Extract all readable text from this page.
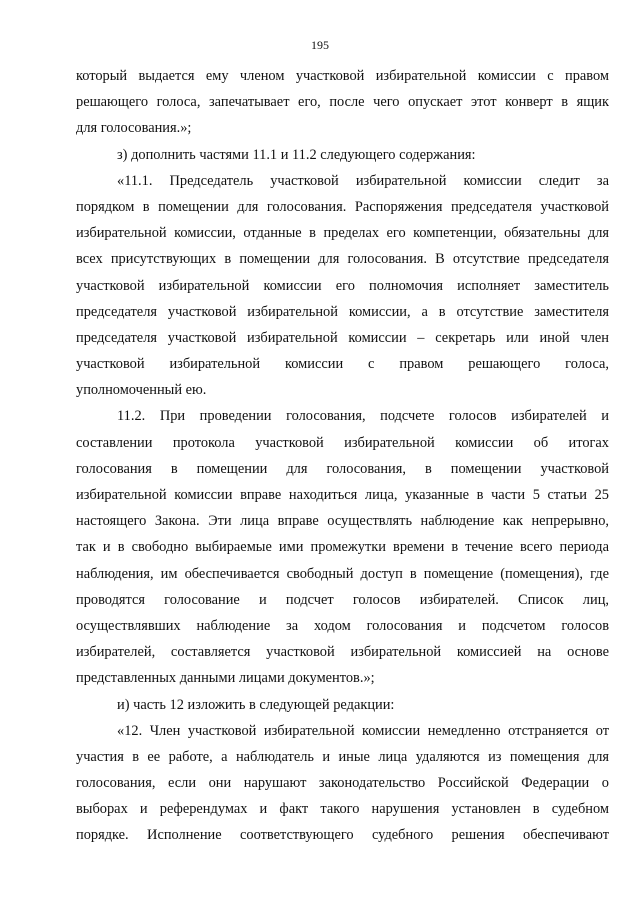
195
который выдается ему членом участковой избирательной комиссии с правом
решающего голоса, запечатывает его, после чего опускает этот конверт в ящик
для голосования.»;
з) дополнить частями 11.1 и 11.2 следующего содержания:
«11.1. Председатель участковой избирательной комиссии следит за
порядком в помещении для голосования. Распоряжения председателя участковой
избирательной комиссии, отданные в пределах его компетенции, обязательны для
всех присутствующих в помещении для голосования. В отсутствие председателя
участковой избирательной комиссии его полномочия исполняет заместитель
председателя участковой избирательной комиссии, а в отсутствие заместителя
председателя участковой избирательной комиссии – секретарь или иной член
участковой избирательной комиссии с правом решающего голоса,
уполномоченный ею.
11.2. При проведении голосования, подсчете голосов избирателей и
составлении протокола участковой избирательной комиссии об итогах
голосования в помещении для голосования, в помещении участковой
избирательной комиссии вправе находиться лица, указанные в части 5 статьи 25
настоящего Закона. Эти лица вправе осуществлять наблюдение как непрерывно,
так и в свободно выбираемые ими промежутки времени в течение всего периода
наблюдения, им обеспечивается свободный доступ в помещение (помещения), где
проводятся голосование и подсчет голосов избирателей. Список лиц,
осуществлявших наблюдение за ходом голосования и подсчетом голосов
избирателей, составляется участковой избирательной комиссией на основе
представленных данными лицами документов.»;
и) часть 12 изложить в следующей редакции:
«12. Член участковой избирательной комиссии немедленно отстраняется от
участия в ее работе, а наблюдатель и иные лица удаляются из помещения для
голосования, если они нарушают законодательство Российской Федерации о
выборах и референдумах и факт такого нарушения установлен в судебном
порядке. Исполнение соответствующего судебного решения обеспечивают
